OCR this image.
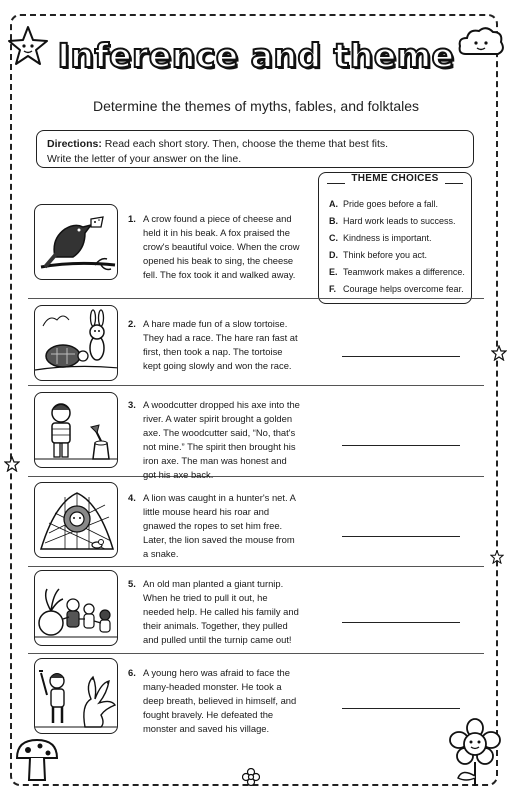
Inference and theme
Determine the themes of myths, fables, and folktales
Directions: Read each short story. Then, choose the theme that best fits.
Write the letter of your answer on the line.
THEME CHOICES
A. Pride goes before a fall.
B. Hard work leads to success.
C. Kindness is important.
D. Think before you act.
E. Teamwork makes a difference.
F. Courage helps overcome fear.
1. A crow found a piece of cheese and held it in his beak. A fox praised the crow's beautiful voice. When the crow opened his beak to sing, the cheese fell. The fox took it and walked away.
2. A hare made fun of a slow tortoise. They had a race. The hare ran fast at first, then took a nap. The tortoise kept going slowly and won the race.
3. A woodcutter dropped his axe into the river. A water spirit brought a golden axe. The woodcutter said, “No, that's not mine.” The spirit then brought his iron axe. The man was honest and got his axe back.
4. A lion was caught in a hunter's net. A little mouse heard his roar and gnawed the ropes to set him free. Later, the lion saved the mouse from a snake.
5. An old man planted a giant turnip. When he tried to pull it out, he needed help. He called his family and their animals. Together, they pulled and pulled until the turnip came out!
6. A young hero was afraid to face the many-headed monster. He took a deep breath, believed in himself, and fought bravely. He defeated the monster and saved his village.
